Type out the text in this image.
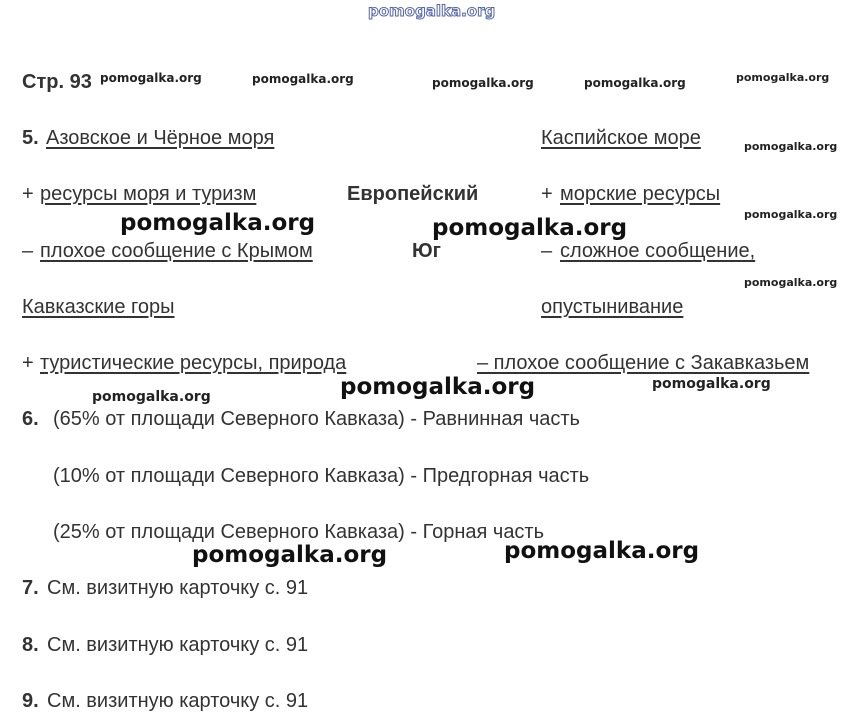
pomogalka.org
Стр. 93 pomogalka.org	pomogalka.org	pomogalka.org	pomogalka.org	pomogalka.org
5. Азовское и Чёрное моря	Каспийское море	pomogalka.org
+ ресурсы моря и туризм	Европейский	+ морские ресурсы
pomogalka.org
pomogalka.org	pomogalka.org
– плохое сообщение с Крымом	Юг	– сложное сообщение,
pomogalka.org
Кавказские горы	опустынивание
+ туристические ресурсы, природа	– плохое сообщение с Закавказьем
pomogalka.org	pomogalka.org	pomogalka.org
6. (65% от площади Северного Кавказа) - Равнинная часть
(10% от площади Северного Кавказа) - Предгорная часть
(25% от площади Северного Кавказа) - Горная часть
pomogalka.org	pomogalka.org
7. См. визитную карточку с. 91
8. См. визитную карточку с. 91
9. См. визитную карточку с. 91
